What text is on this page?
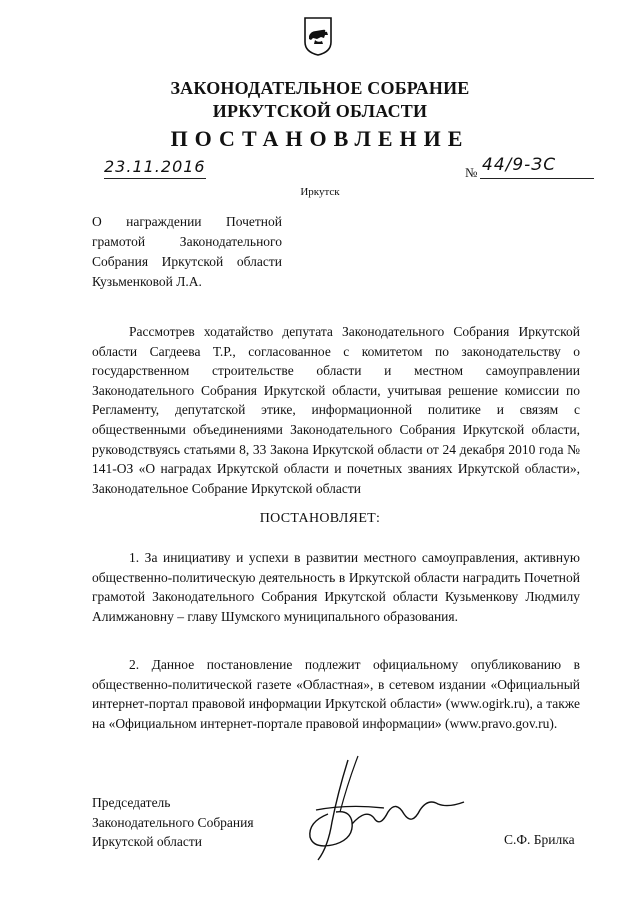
ЗАКОНОДАТЕЛЬНОЕ СОБРАНИЕ
ИРКУТСКОЙ ОБЛАСТИ
ПОСТАНОВЛЕНИЕ
23.11.2016	№ 44/9-ЗС
Иркутск
О награждении Почетной грамотой Законодательного Собрания Иркутской области Кузьменковой Л.А.

Рассмотрев ходатайство депутата Законодательного Собрания Иркутской области Сагдеева Т.Р., согласованное с комитетом по законодательству о государственном строительстве области и местном самоуправлении Законодательного Собрания Иркутской области, учитывая решение комиссии по Регламенту, депутатской этике, информационной политике и связям с общественными объединениями Законодательного Собрания Иркутской области, руководствуясь статьями 8, 33 Закона Иркутской области от 24 декабря 2010 года № 141-ОЗ «О наградах Иркутской области и почетных званиях Иркутской области», Законодательное Собрание Иркутской области

ПОСТАНОВЛЯЕТ:

1. За инициативу и успехи в развитии местного самоуправления, активную общественно-политическую деятельность в Иркутской области наградить Почетной грамотой Законодательного Собрания Иркутской области Кузьменкову Людмилу Алимжановну – главу Шумского муниципального образования.

2. Данное постановление подлежит официальному опубликованию в общественно-политической газете «Областная», в сетевом издании «Официальный интернет-портал правовой информации Иркутской области» (www.ogirk.ru), а также на «Официальном интернет-портале правовой информации» (www.pravo.gov.ru).

Председатель
Законодательного Собрания
Иркутской области	С.Ф. Брилка
